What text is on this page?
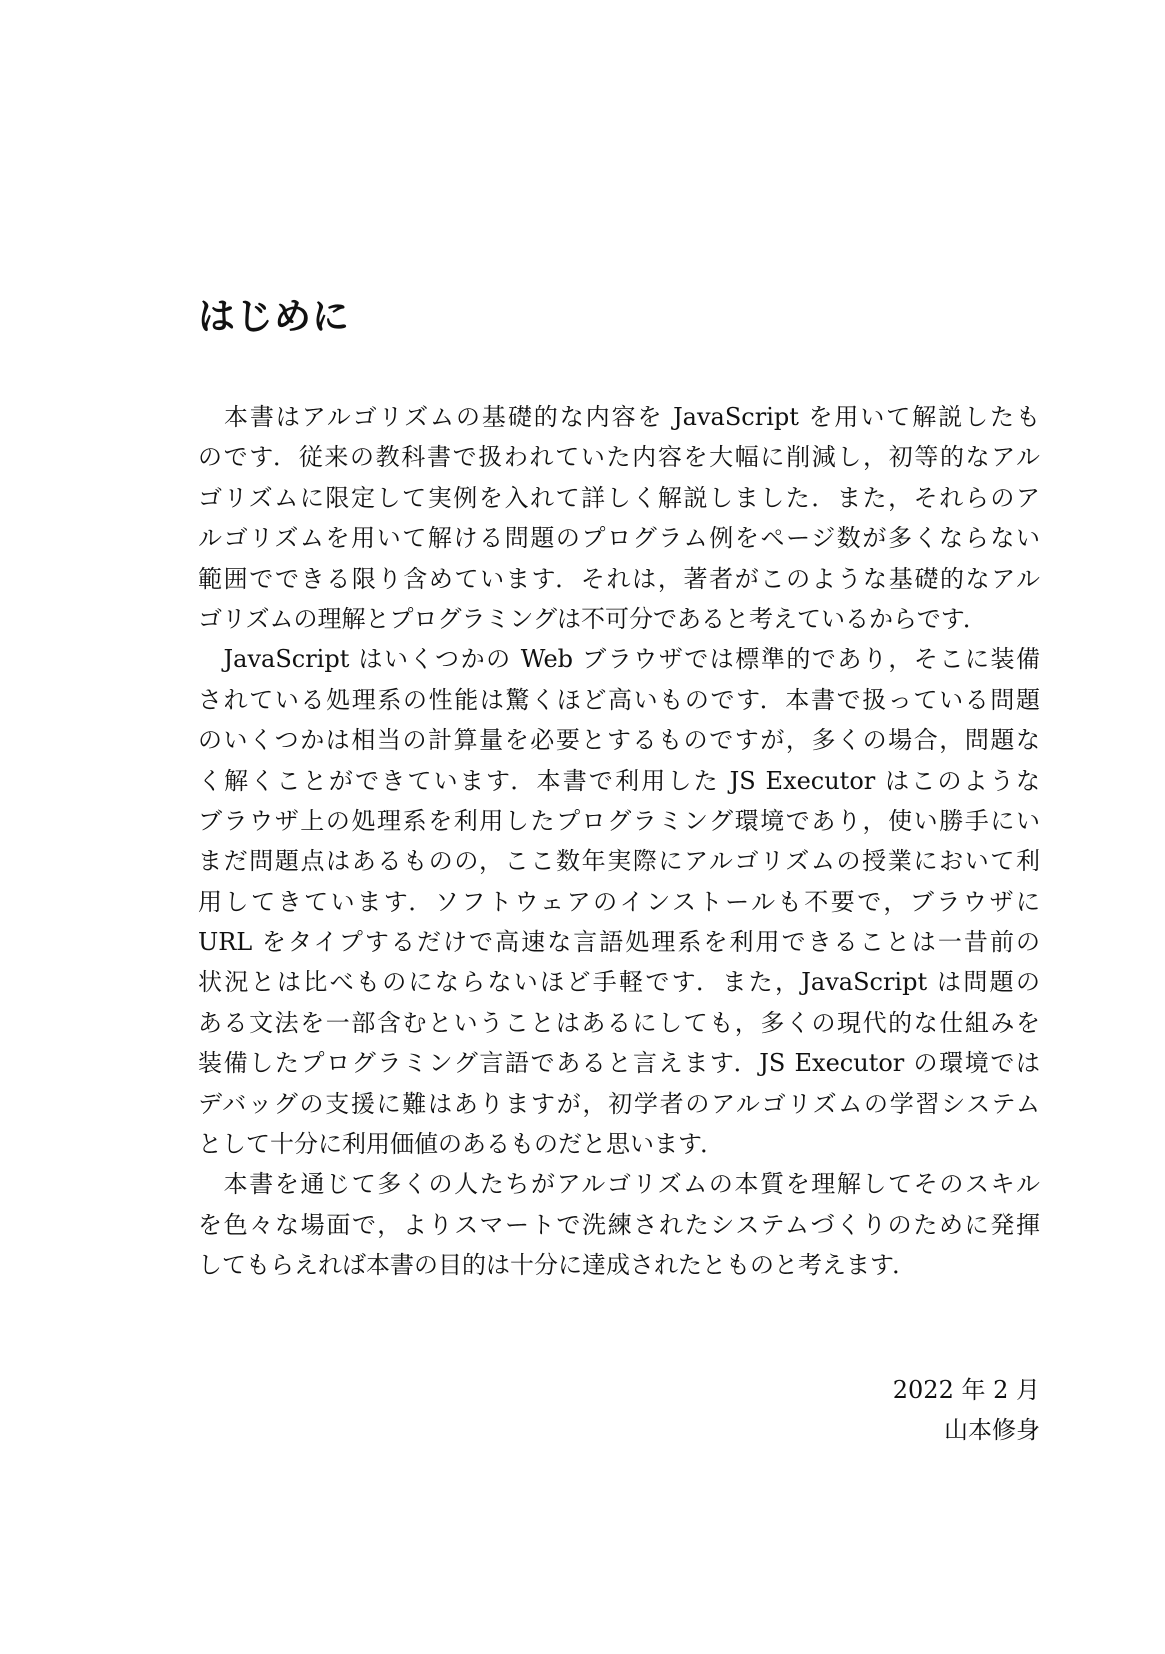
はじめに
　本書はアルゴリズムの基礎的な内容を JavaScript を用いて解説したも
のです．従来の教科書で扱われていた内容を大幅に削減し，初等的なアル
ゴリズムに限定して実例を入れて詳しく解説しました．また，それらのア
ルゴリズムを用いて解ける問題のプログラム例をページ数が多くならない
範囲でできる限り含めています．それは，著者がこのような基礎的なアル
ゴリズムの理解とプログラミングは不可分であると考えているからです．
　JavaScript はいくつかの Web ブラウザでは標準的であり，そこに装備
されている処理系の性能は驚くほど高いものです．本書で扱っている問題
のいくつかは相当の計算量を必要とするものですが，多くの場合，問題な
く解くことができています．本書で利用した JS Executor はこのような
ブラウザ上の処理系を利用したプログラミング環境であり，使い勝手にい
まだ問題点はあるものの，ここ数年実際にアルゴリズムの授業において利
用してきています．ソフトウェアのインストールも不要で，ブラウザに
URL をタイプするだけで高速な言語処理系を利用できることは一昔前の
状況とは比べものにならないほど手軽です．また，JavaScript は問題の
ある文法を一部含むということはあるにしても，多くの現代的な仕組みを
装備したプログラミング言語であると言えます．JS Executor の環境では
デバッグの支援に難はありますが，初学者のアルゴリズムの学習システム
として十分に利用価値のあるものだと思います．
　本書を通じて多くの人たちがアルゴリズムの本質を理解してそのスキル
を色々な場面で，よりスマートで洗練されたシステムづくりのために発揮
してもらえれば本書の目的は十分に達成されたとものと考えます．
2022 年 2 月
山本修身
